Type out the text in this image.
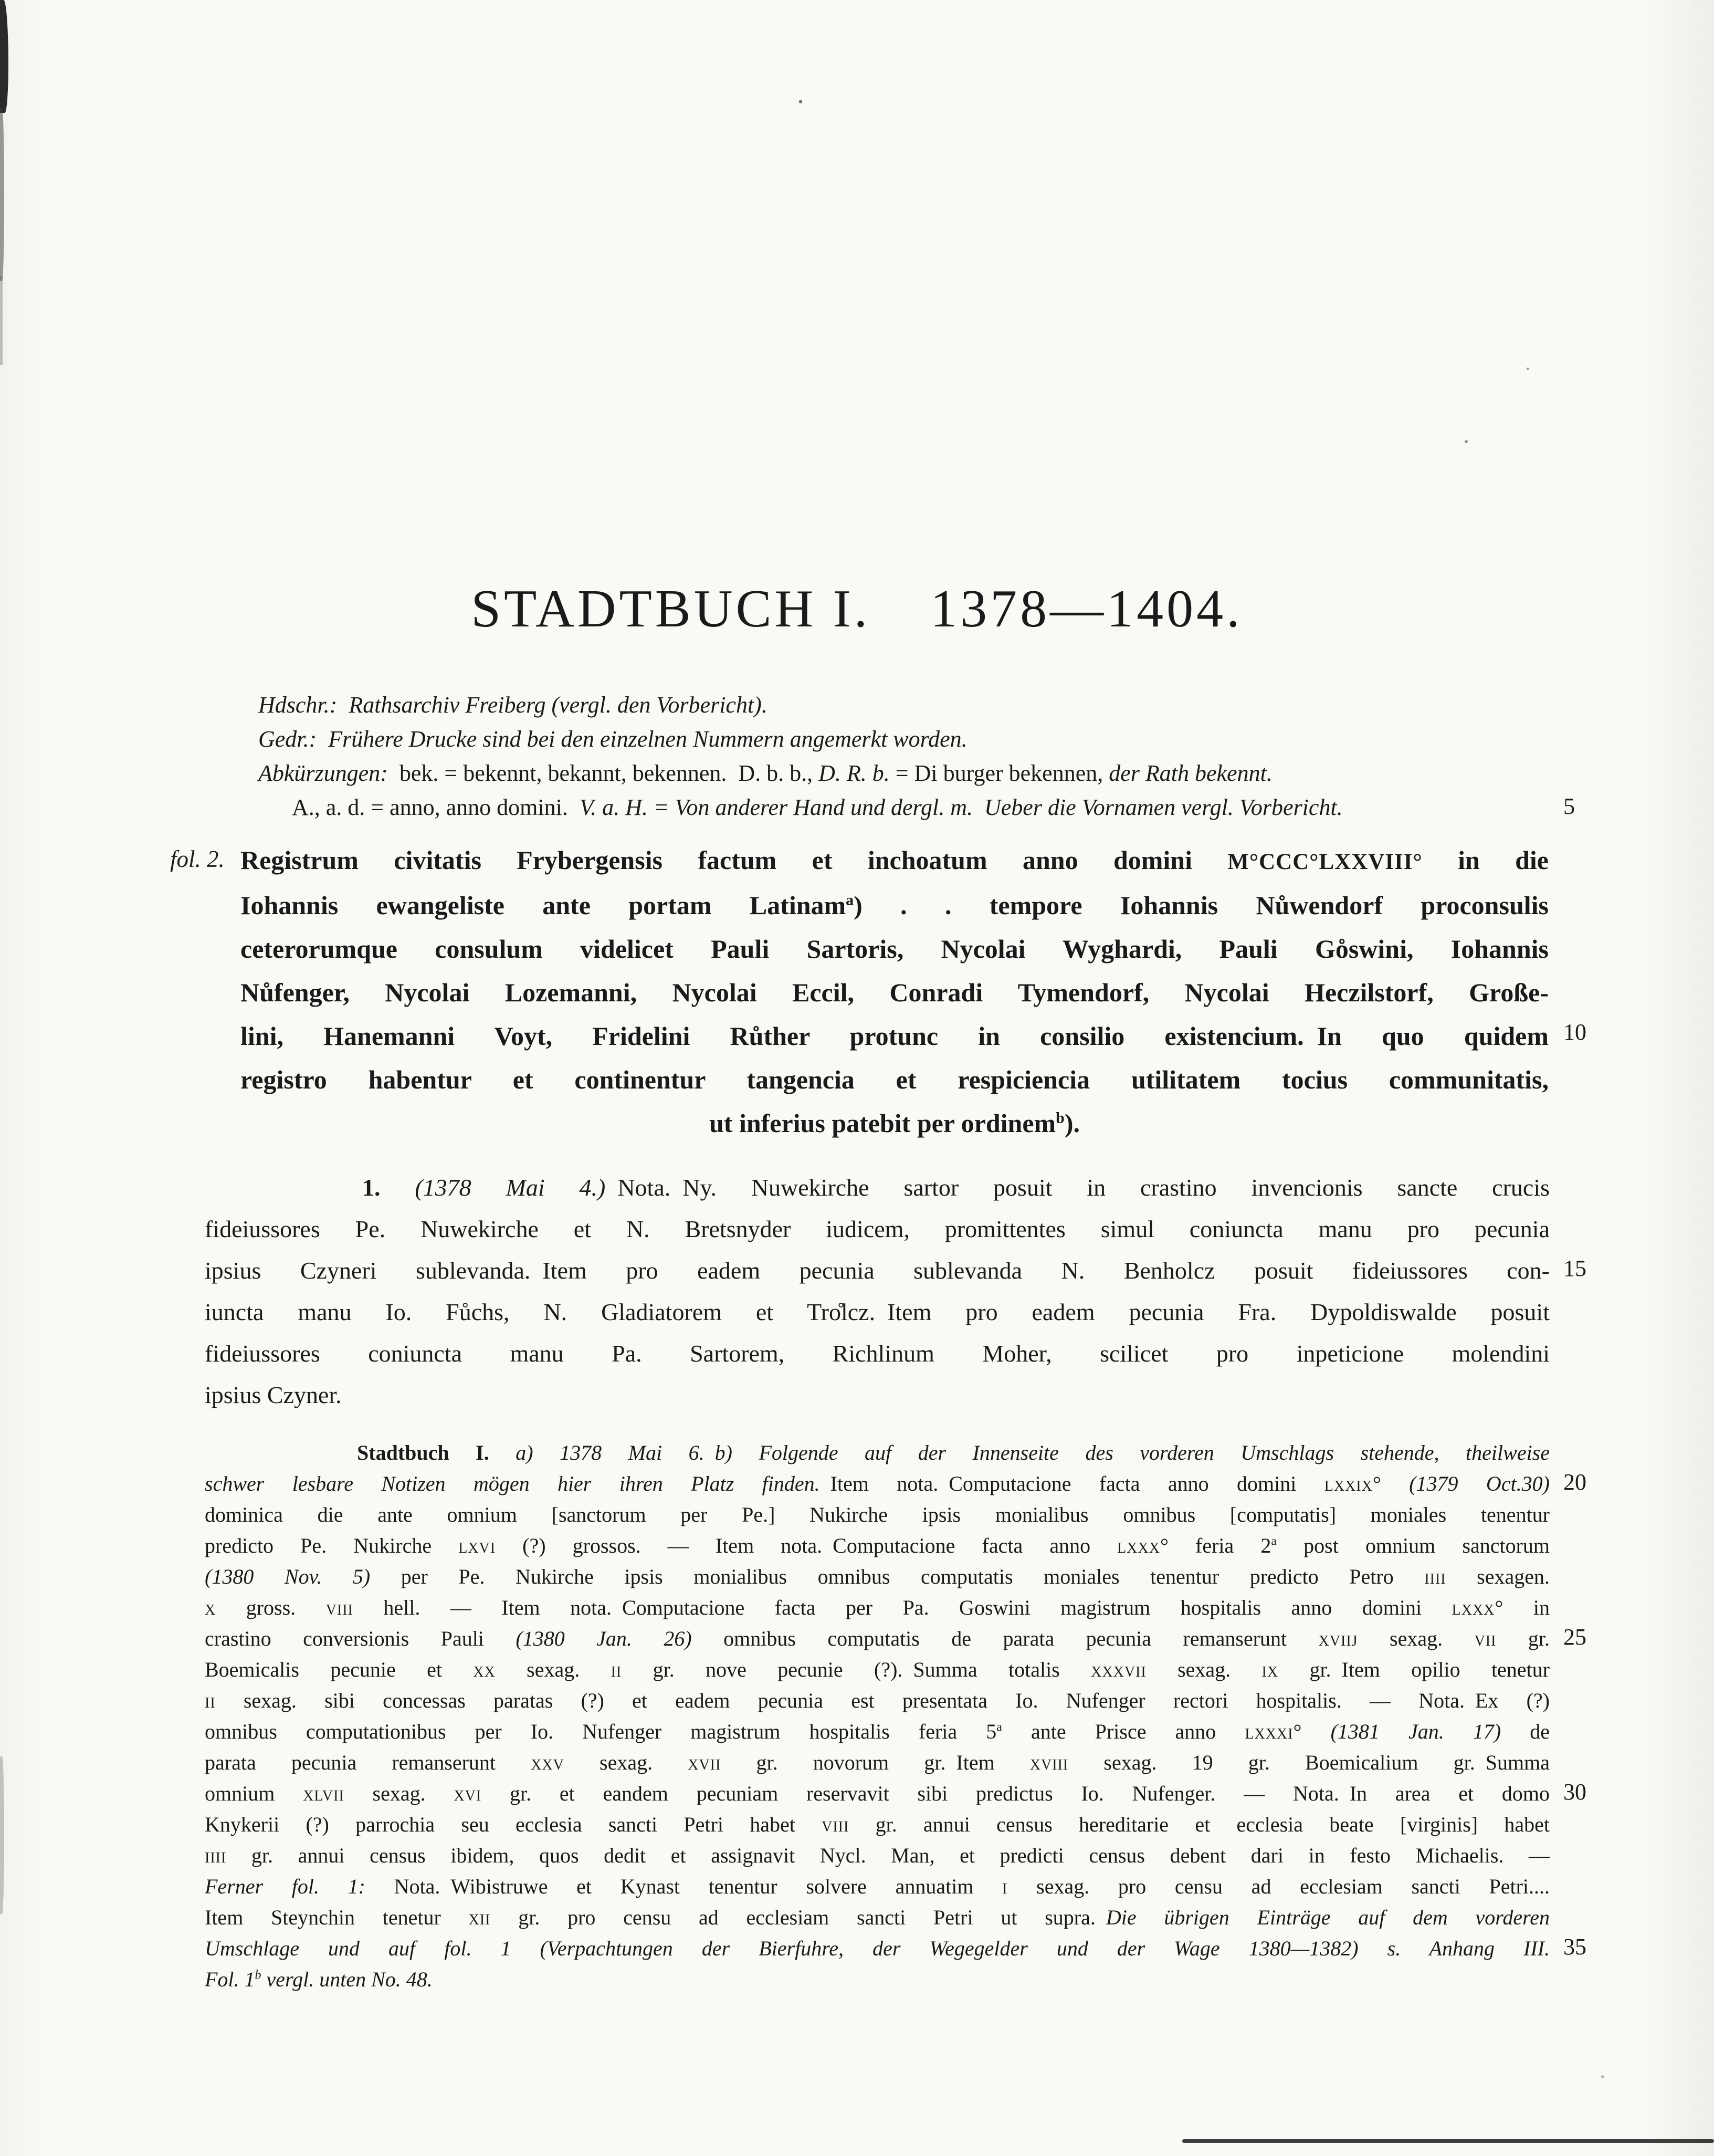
STADTBUCH I.  1378—1404.
Hdschr.: Rathsarchiv Freiberg (vergl. den Vorbericht).
Gedr.: Frühere Drucke sind bei den einzelnen Nummern angemerkt worden.
Abkürzungen: bek. = bekennt, bekannt, bekennen. D. b. b., D. R. b. = Di burger bekennen, der Rath bekennt.
A., a. d. = anno, anno domini. V. a. H. = Von anderer Hand und dergl. m. Ueber die Vornamen vergl. Vorbericht.
fol. 2. Registrum civitatis Frybergensis factum et inchoatum anno domini M°CCC°LXXVIII° in die
Iohannis ewangeliste ante portam Latinam$^a$) . . tempore Iohannis Nůwendorf proconsulis
ceterorumque consulum videlicet Pauli Sartoris, Nycolai Wyghardi, Pauli Go̊swini, Iohannis
Nůfenger, Nycolai Lozemanni, Nycolai Eccil, Conradi Tymendorf, Nycolai Heczilstorf, Große-
lini, Hanemanni Voyt, Fridelini Růther protunc in consilio existencium. In quo quidem
registro habentur et continentur tangencia et respiciencia utilitatem tocius communitatis,
ut inferius patebit per ordinem$^b$).
1. (1378 Mai 4.) Nota. Ny. Nuwekirche sartor posuit in crastino invencionis sancte crucis
fideiussores Pe. Nuwekirche et N. Bretsnyder iudicem, promittentes simul coniuncta manu pro pecunia
ipsius Czyneri sublevanda. Item pro eadem pecunia sublevanda N. Benholcz posuit fideiussores con-
iuncta manu Io. Fůchs, N. Gladiatorem et Tro̊lcz. Item pro eadem pecunia Fra. Dypoldiswalde posuit
fideiussores coniuncta manu Pa. Sartorem, Richlinum Moher, scilicet pro inpeticione molendini
ipsius Czyner.
Stadtbuch I. a) 1378 Mai 6. b) Folgende auf der Innenseite des vorderen Umschlags stehende, theilweise
schwer lesbare Notizen mögen hier ihren Platz finden. Item nota. Computacione facta anno domini lxxix° (1379 Oct.30)
dominica die ante omnium [sanctorum per Pe.] Nukirche ipsis monialibus omnibus [computatis] moniales tenentur
predicto Pe. Nukirche lxvi (?) grossos. — Item nota. Computacione facta anno lxxx° feria 2$^a$ post omnium sanctorum
(1380 Nov. 5) per Pe. Nukirche ipsis monialibus omnibus computatis moniales tenentur predicto Petro iiii sexagen.
x gross. viii hell. — Item nota. Computacione facta per Pa. Goswini magistrum hospitalis anno domini lxxx° in
crastino conversionis Pauli (1380 Jan. 26) omnibus computatis de parata pecunia remanserunt xviij sexag. vii gr.
Boemicalis pecunie et xx sexag. ii gr. nove pecunie (?). Summa totalis xxxvii sexag. ix gr. Item opilio tenetur
ii sexag. sibi concessas paratas (?) et eadem pecunia est presentata Io. Nufenger rectori hospitalis. — Nota. Ex (?)
omnibus computationibus per Io. Nufenger magistrum hospitalis feria 5$^a$ ante Prisce anno lxxxi° (1381 Jan. 17) de
parata pecunia remanserunt xxv sexag. xvii gr. novorum gr. Item xviii sexag. 19 gr. Boemicalium gr. Summa
omnium xlvii sexag. xvi gr. et eandem pecuniam reservavit sibi predictus Io. Nufenger. — Nota. In area et domo
Knykerii (?) parrochia seu ecclesia sancti Petri habet viii gr. annui census hereditarie et ecclesia beate [virginis] habet
iiii gr. annui census ibidem, quos dedit et assignavit Nycl. Man, et predicti census debent dari in festo Michaelis. —
Ferner fol. 1: Nota. Wibistruwe et Kynast tenentur solvere annuatim i sexag. pro censu ad ecclesiam sancti Petri....
Item Steynchin tenetur xii gr. pro censu ad ecclesiam sancti Petri ut supra. Die übrigen Einträge auf dem vorderen
Umschlage und auf fol. 1 (Verpachtungen der Bierfuhre, der Wegegelder und der Wage 1380—1382) s. Anhang III.
Fol. 1$^b$ vergl. unten No. 48.
5
10
15
20
25
30
35
